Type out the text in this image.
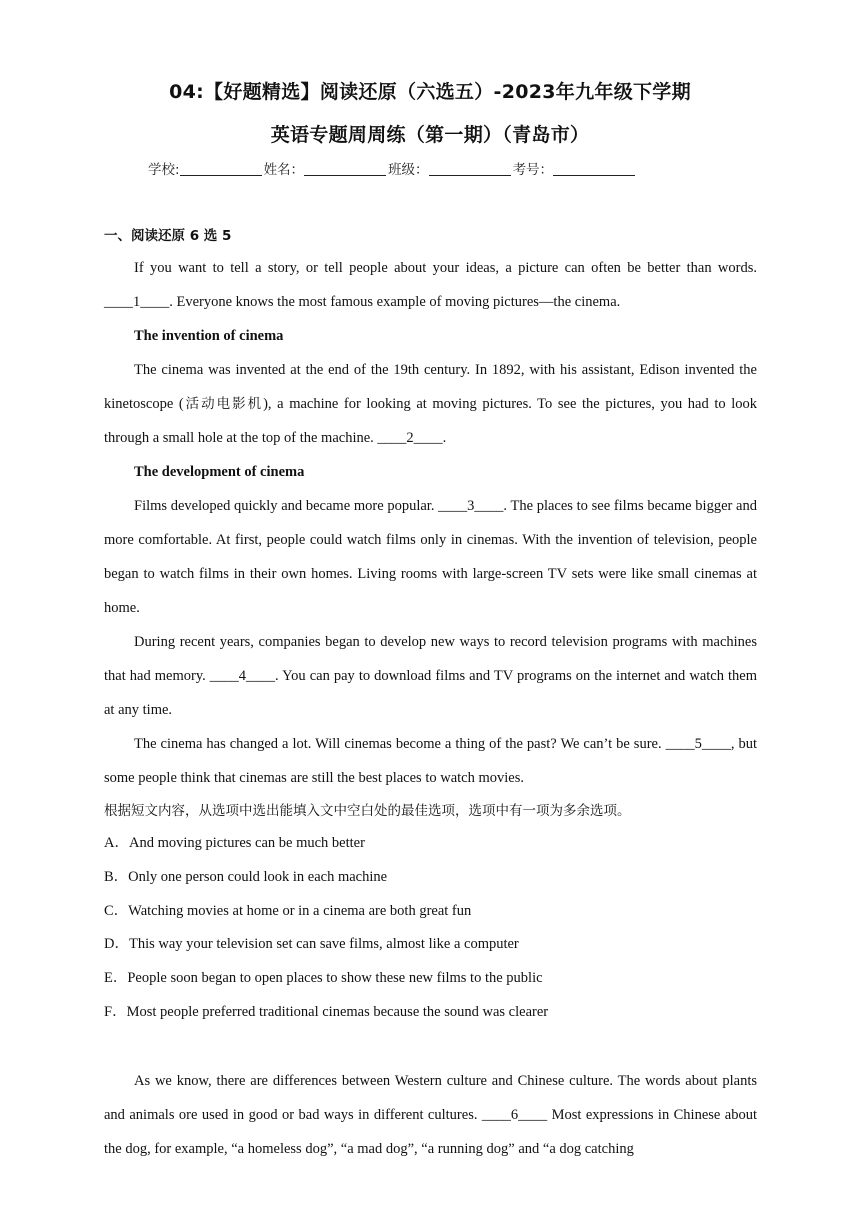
04:【好题精选】阅读还原（六选五）-2023年九年级下学期
英语专题周周练（第一期）（青岛市）
学校:	姓名：	班级：	考号：
一、阅读还原 6 选 5

If you want to tell a story, or tell people about your ideas, a picture can often be better than words. ____1____. Everyone knows the most famous example of moving pictures—the cinema.

The invention of cinema

The cinema was invented at the end of the 19th century. In 1892, with his assistant, Edison invented the kinetoscope (活动电影机), a machine for looking at moving pictures. To see the pictures, you had to look through a small hole at the top of the machine. ____2____.

The development of cinema

Films developed quickly and became more popular. ____3____. The places to see films became bigger and more comfortable. At first, people could watch films only in cinemas. With the invention of television, people began to watch films in their own homes. Living rooms with large-screen TV sets were like small cinemas at home.

During recent years, companies began to develop new ways to record television programs with machines that had memory. ____4____. You can pay to download films and TV programs on the internet and watch them at any time.

The cinema has changed a lot. Will cinemas become a thing of the past? We can’t be sure. ____5____, but some people think that cinemas are still the best places to watch movies.

根据短文内容，从选项中选出能填入文中空白处的最佳选项，选项中有一项为多余选项。

A．And moving pictures can be much better

B．Only one person could look in each machine

C．Watching movies at home or in a cinema are both great fun

D．This way your television set can save films, almost like a computer

E．People soon began to open places to show these new films to the public

F．Most people preferred traditional cinemas because the sound was clearer

As we know, there are differences between Western culture and Chinese culture. The words about plants and animals ore used in good or bad ways in different cultures. ____6____ Most expressions in Chinese about the dog, for example, “a homeless dog”, “a mad dog”, “a running dog” and “a dog catching
